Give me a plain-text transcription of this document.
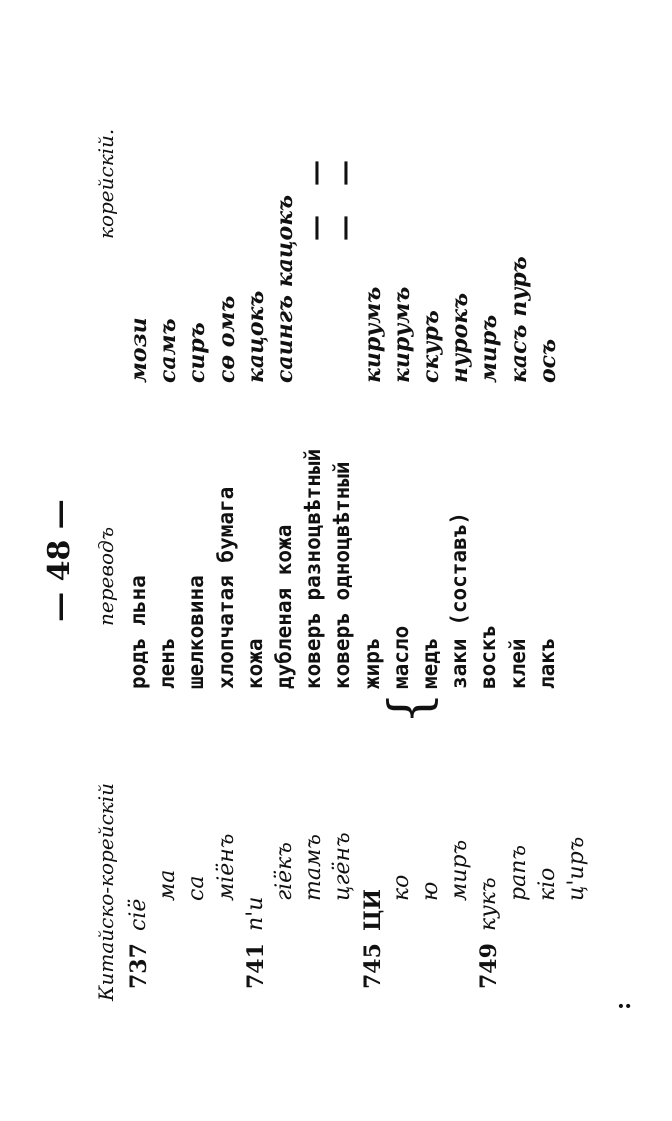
— 48 —
Китайско-корейскій
переводъ
корейскій.
737
сіё
родъ льна
мози
ма
ленъ
самъ
са
шелковина
сиръ
міёнъ
хлопчатая бумага
сө омъ
741
п'и
кожа
кацокъ
гіёкъ
дубленая кожа
саингъ кацокъ
тамъ
коверъ разноцвѣтный
— —
цгёнъ
коверъ одноцвѣтный
— —
745
ЦИ
жиръ
кирумъ
ко
масло
кирумъ
ю
медъ
скуръ
миръ
заки (составъ)
нурокъ
749
кукъ
воскъ
миръ
рапъ
клей
касъ пуръ
кіо
лакъ
осъ
ц'иръ
{
:
